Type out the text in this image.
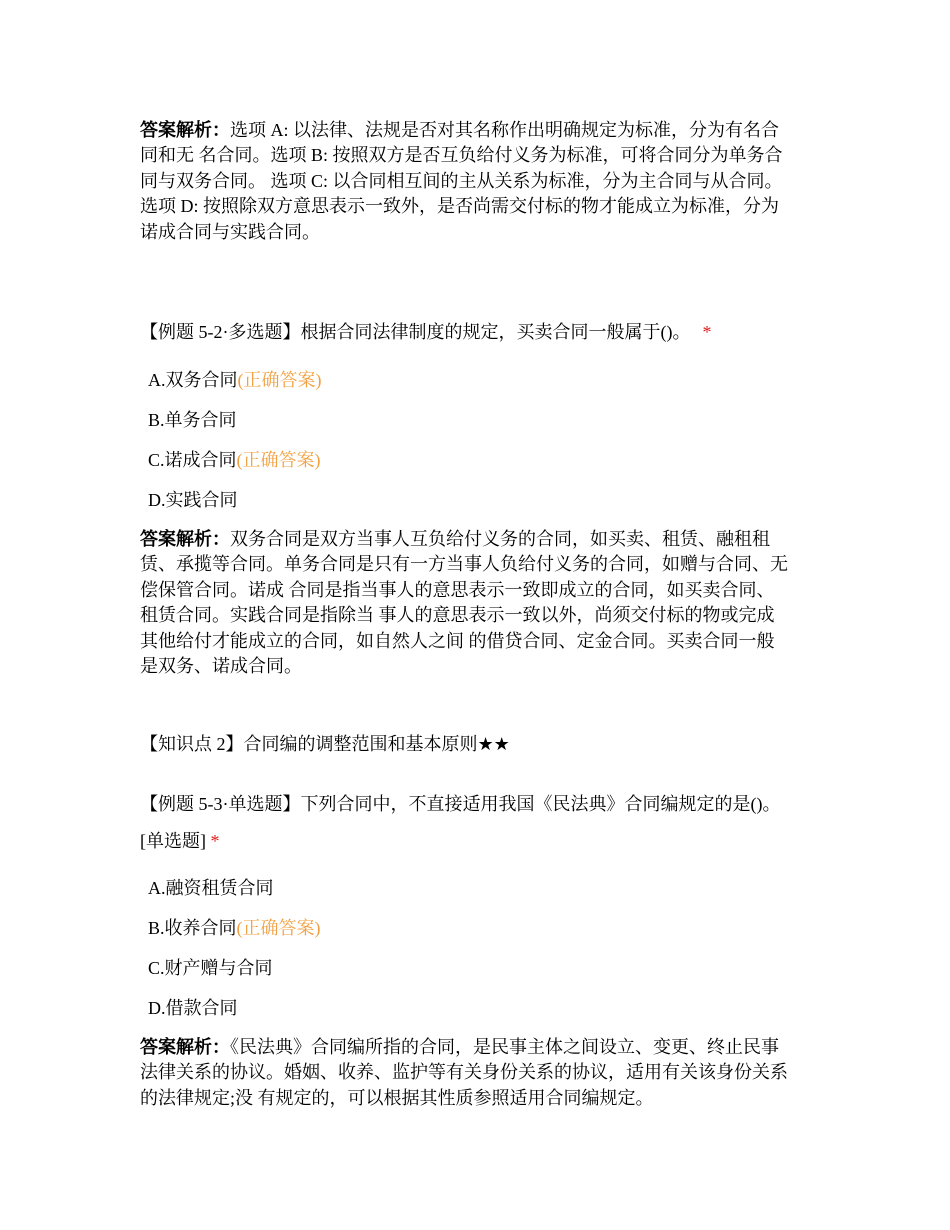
答案解析：选项 A: 以法律、法规是否对其名称作出明确规定为标准，分为有名合
同和无 名合同。选项 B: 按照双方是否互负给付义务为标准，可将合同分为单务合
同与双务合同。 选项 C: 以合同相互间的主从关系为标准，分为主合同与从合同。
选项 D: 按照除双方意思表示一致外，是否尚需交付标的物才能成立为标准，分为
诺成合同与实践合同。
【例题 5-2·多选题】根据合同法律制度的规定，买卖合同一般属于()。 *
A.双务合同(正确答案)
B.单务合同
C.诺成合同(正确答案)
D.实践合同
答案解析：双务合同是双方当事人互负给付义务的合同，如买卖、租赁、融租租
赁、承揽等合同。单务合同是只有一方当事人负给付义务的合同，如赠与合同、无
偿保管合同。诺成 合同是指当事人的意思表示一致即成立的合同，如买卖合同、
租赁合同。实践合同是指除当 事人的意思表示一致以外，尚须交付标的物或完成
其他给付才能成立的合同，如自然人之间 的借贷合同、定金合同。买卖合同一般
是双务、诺成合同。
【知识点 2】合同编的调整范围和基本原则★★
【例题 5-3·单选题】下列合同中，不直接适用我国《民法典》合同编规定的是()。
[单选题] *
A.融资租赁合同
B.收养合同(正确答案)
C.财产赠与合同
D.借款合同
答案解析：《民法典》合同编所指的合同，是民事主体之间设立、变更、终止民事
法律关系的协议。婚姻、收养、监护等有关身份关系的协议，适用有关该身份关系
的法律规定;没 有规定的，可以根据其性质参照适用合同编规定。
